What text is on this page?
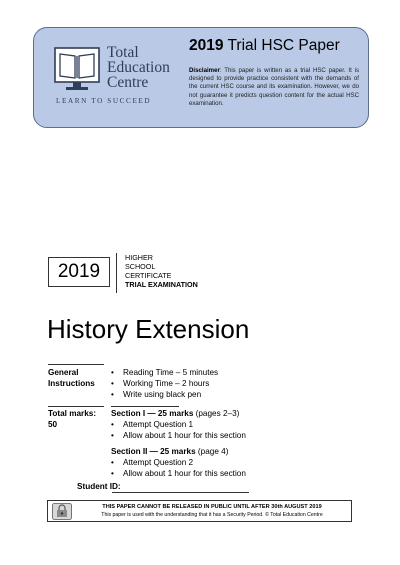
Total
Education
Centre
LEARN TO SUCCEED
2019 Trial HSC Paper
Disclaimer: This paper is written as a trial HSC paper. It is designed to provide practice consistent with the demands of the current HSC course and its examination. However, we do not guarantee it predicts question content for the actual HSC examination.
2019
HIGHER
SCHOOL
CERTIFICATE
TRIAL EXAMINATION
History Extension
General
Instructions
• Reading Time – 5 minutes
• Working Time – 2 hours
• Write using black pen
Total marks:
50
Section I — 25 marks (pages 2–3)
• Attempt Question 1
• Allow about 1 hour for this section
Section II — 25 marks (page 4)
• Attempt Question 2
• Allow about 1 hour for this section
Student ID:
THIS PAPER CANNOT BE RELEASED IN PUBLIC UNTIL AFTER 30th AUGUST 2019
This paper is used with the understanding that it has a Security Period. © Total Education Centre
